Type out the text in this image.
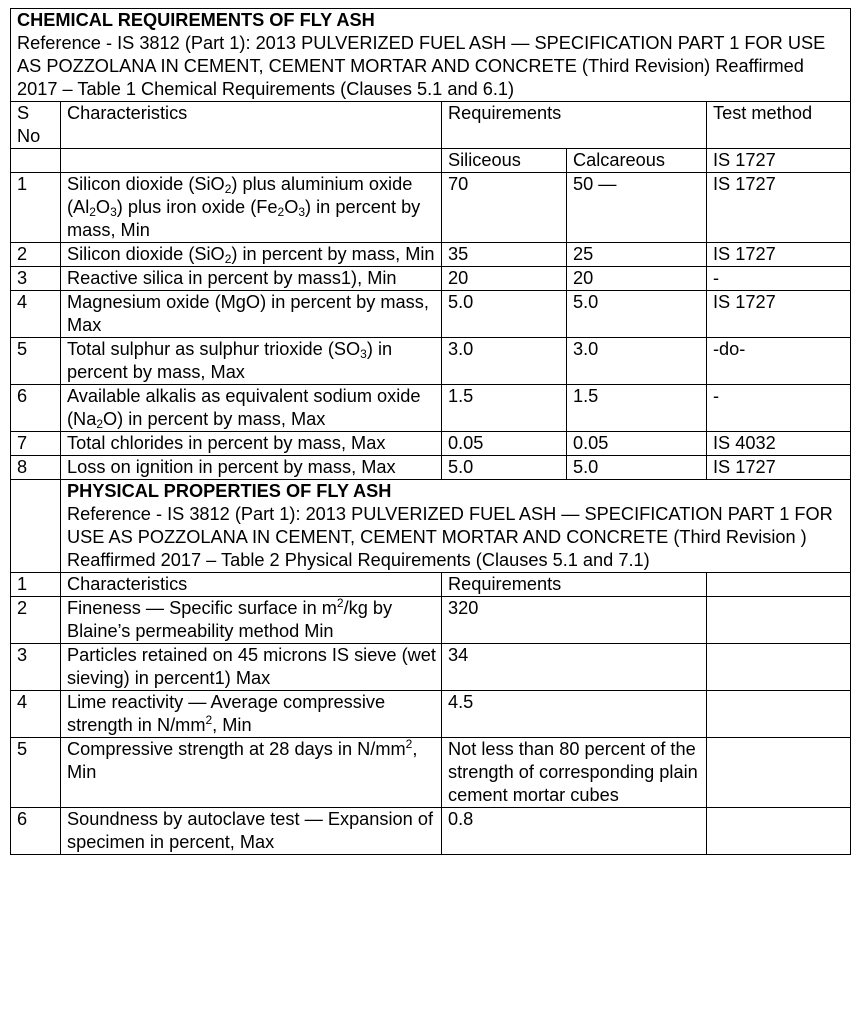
CHEMICAL REQUIREMENTS OF FLY ASH
Reference - IS 3812 (Part 1): 2013 PULVERIZED FUEL ASH — SPECIFICATION PART 1 FOR USE AS POZZOLANA IN CEMENT, CEMENT MORTAR AND CONCRETE (Third Revision) Reaffirmed 2017 – Table 1 Chemical Requirements (Clauses 5.1 and 6.1)				

S No	Characteristics	Requirements		Test method
		Siliceous	Calcareous	IS 1727
1	Silicon dioxide (SiO$_2$) plus aluminium oxide $(Al_2O_3)$ plus iron oxide $(Fe_2O_3)$ in percent by mass, Min	70	50 —	IS 1727
2	Silicon dioxide (SiO$_2$) in percent by mass, Min	35	25	IS 1727
3	Reactive silica in percent by mass1), Min	20	20	-
4	Magnesium oxide (MgO) in percent by mass, Max	5.0	5.0	IS 1727
5	Total sulphur as sulphur trioxide $(SO_3)$ in percent by mass, Max	3.0	3.0	-do-
6	Available alkalis as equivalent sodium oxide $(Na_2O)$ in percent by mass, Max	1.5	1.5	-
7	Total chlorides in percent by mass, Max	0.05	0.05	IS 4032
8	Loss on ignition in percent by mass, Max	5.0	5.0	IS 1727

	PHYSICAL PROPERTIES OF FLY ASH
Reference - IS 3812 (Part 1): 2013 PULVERIZED FUEL ASH — SPECIFICATION PART 1 FOR USE AS POZZOLANA IN CEMENT, CEMENT MORTAR AND CONCRETE (Third Revision ) Reaffirmed 2017 – Table 2 Physical Requirements (Clauses 5.1 and 7.1)			

1	Characteristics	Requirements		
2	Fineness — Specific surface in $m^2/kg$ by Blaine’s permeability method Min	320		
3	Particles retained on 45 microns IS sieve (wet sieving) in percent1) Max	34		
4	Lime reactivity — Average compressive strength in $N/mm^2$, Min	4.5		
5	Compressive strength at 28 days in $N/mm^2$, Min	Not less than 80 percent of the strength of corresponding plain cement mortar cubes		
6	Soundness by autoclave test — Expansion of specimen in percent, Max	0.8		
